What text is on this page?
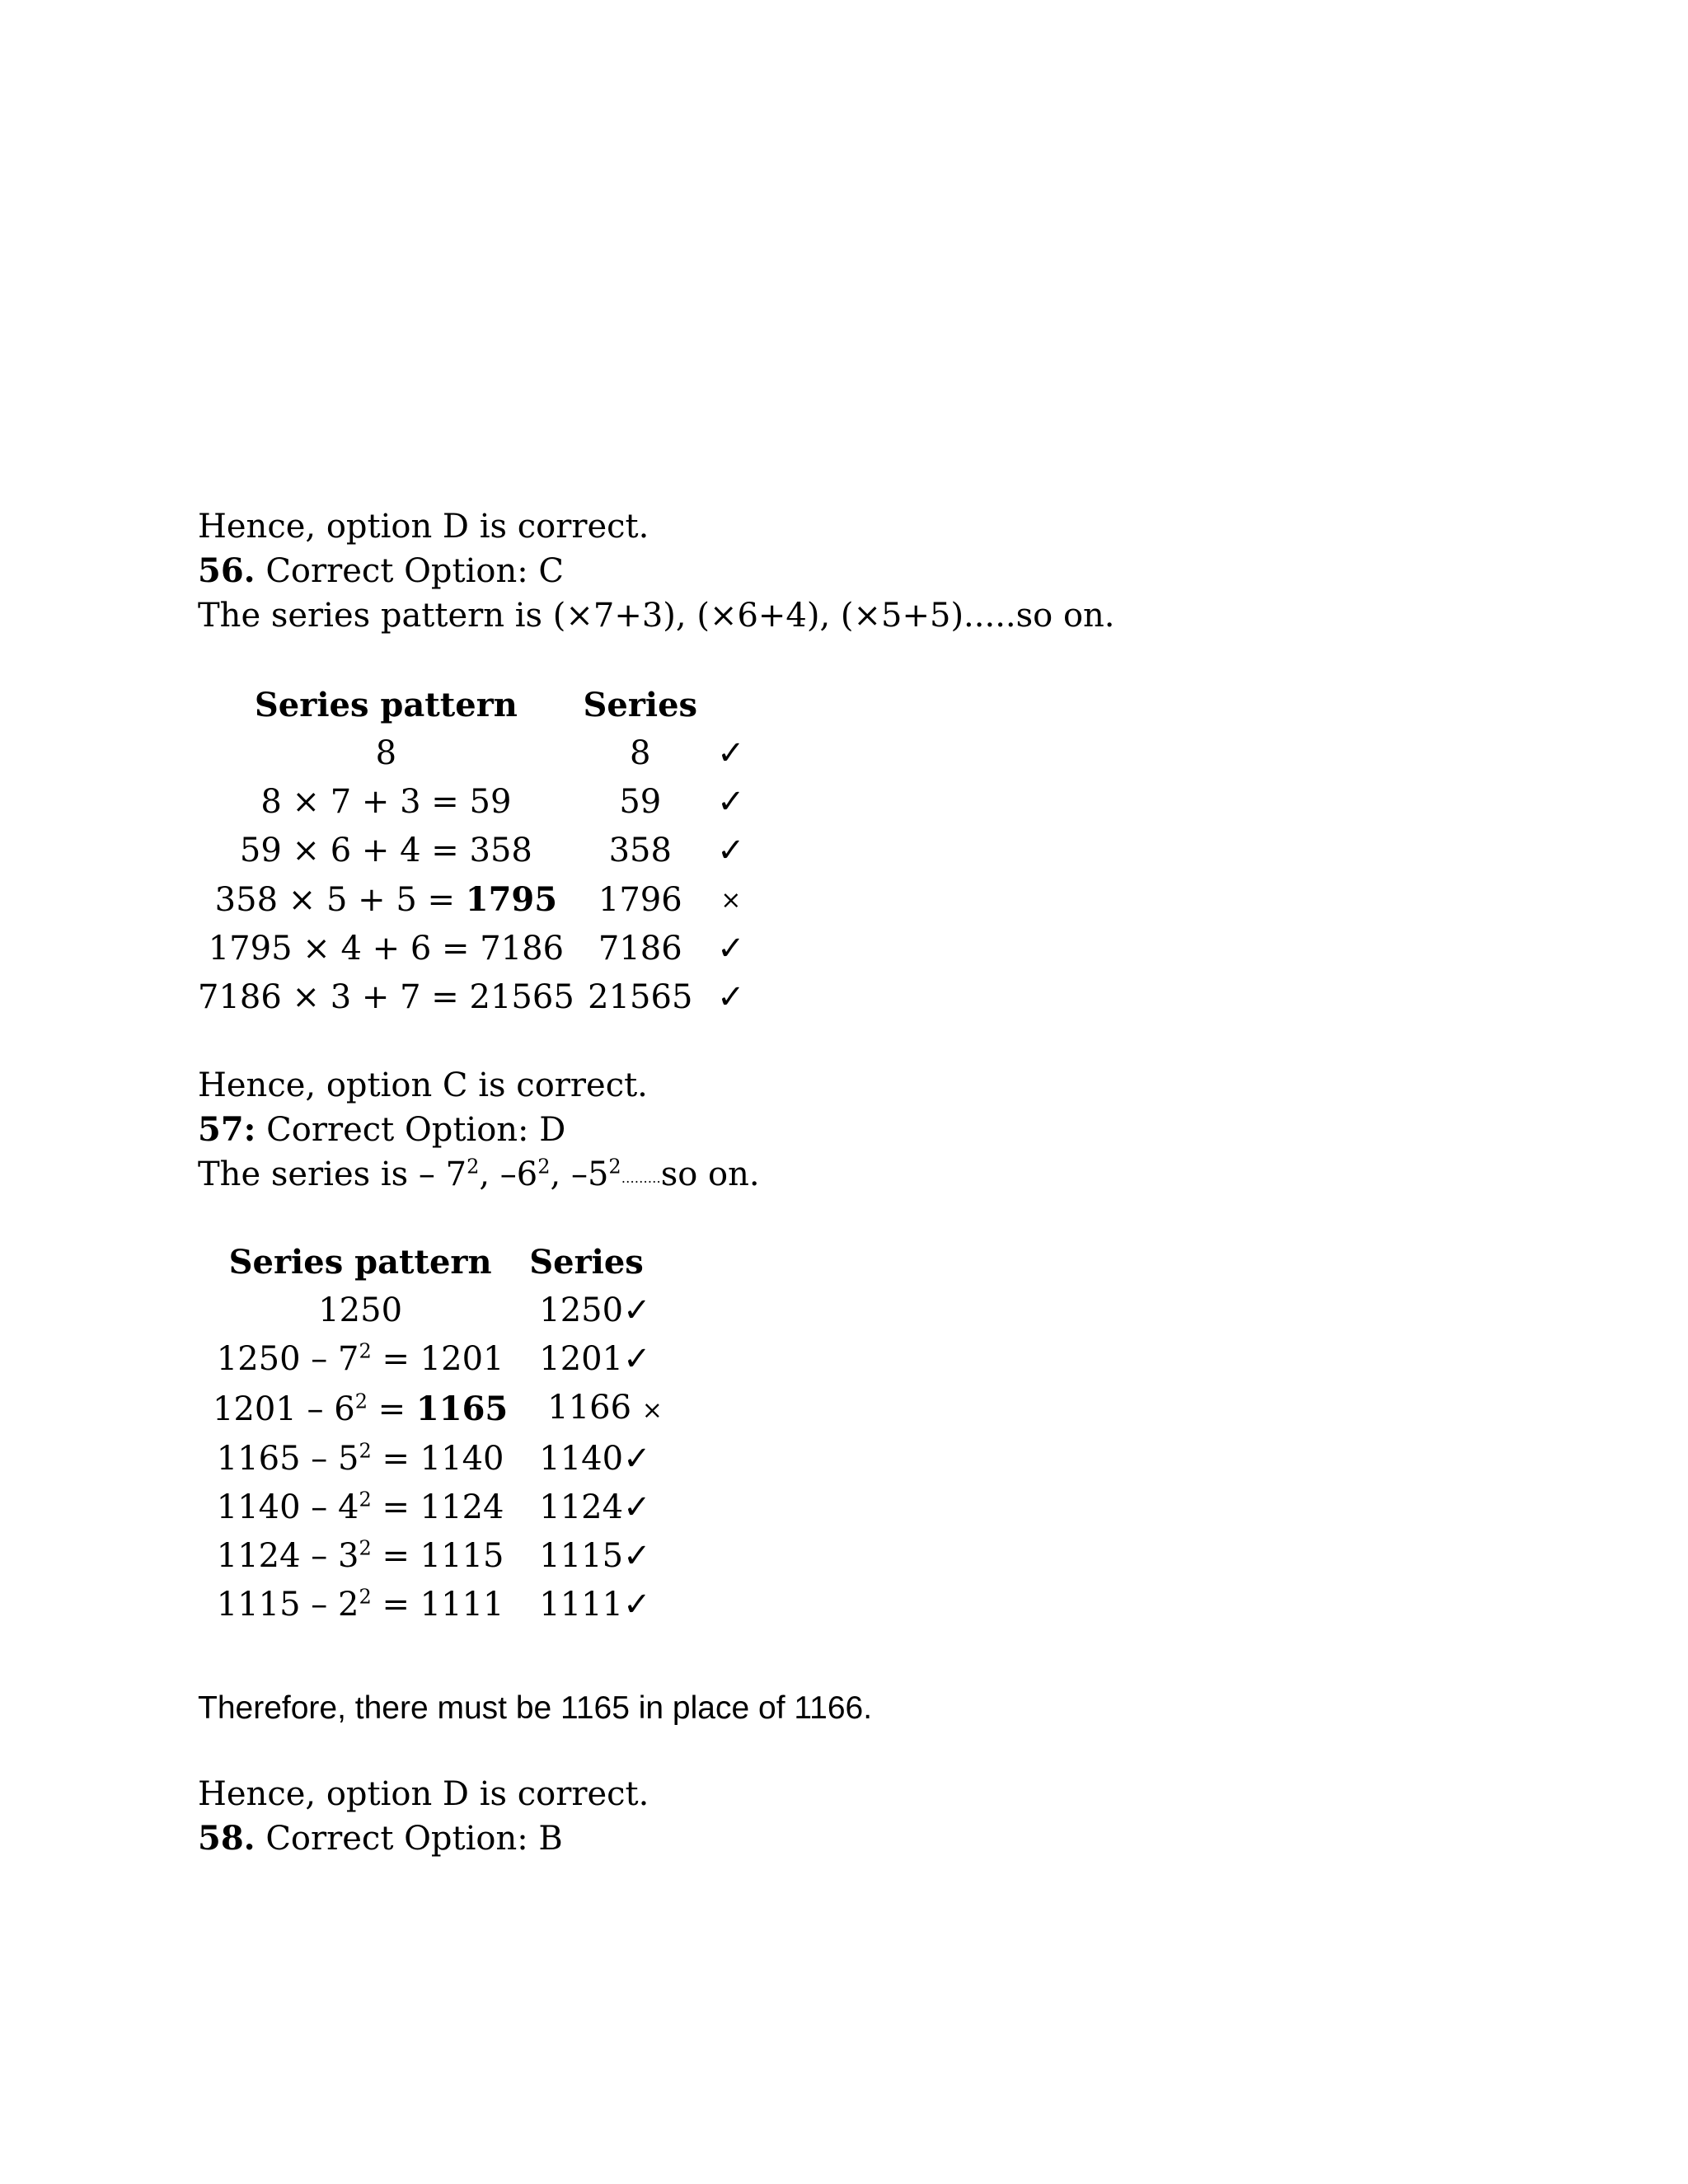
Hence, option D is correct.
56. Correct Option: C
The series pattern is (×7+3), (×6+4), (×5+5).....so on.
Series pattern	Series	
8	8	✓
8 × 7 + 3 = 59	59	✓
59 × 6 + 4 = 358	358	✓
358 × 5 + 5 = 1795	1796	×
1795 × 4 + 6 = 7186	7186	✓
7186 × 3 + 7 = 21565	21565	✓
Hence, option C is correct.
57: Correct Option: D
The series is – $7^2$, $-6^2$, $-5^2\dots\dots\dots so$ on.
Series pattern	Series
1250	1250✓
$1250 - 7^2 = 1201$	1201✓
$1201 - 6^2 = 1165$	1166 ×
$1165 - 5^2 = 1140$	1140✓
$1140 - 4^2 = 1124$	1124✓
$1124 - 3^2 = 1115$	1115✓
$1115 - 2^2 = 1111$	1111✓
Therefore, there must be 1165 in place of 1166.
Hence, option D is correct.
58. Correct Option: B
